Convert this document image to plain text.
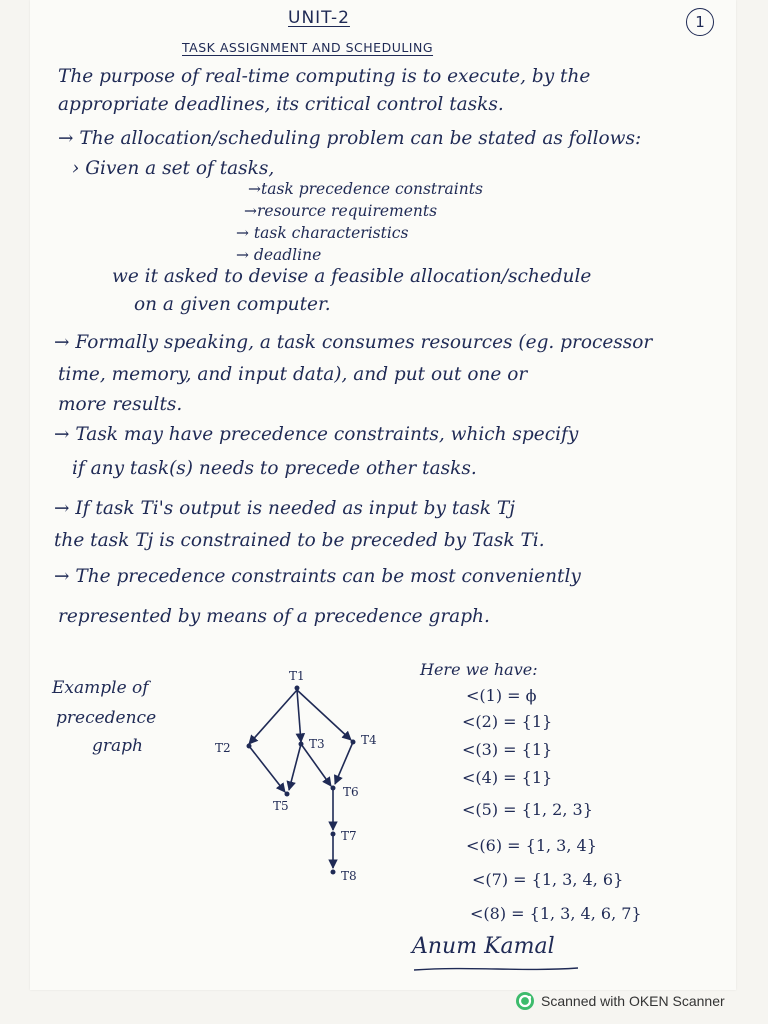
UNIT-2	1
TASK ASSIGNMENT AND SCHEDULING
The purpose of real-time computing is to execute, by the
appropriate deadlines, its critical control tasks.
→ The allocation/scheduling problem can be stated as follows:
› Given a set of tasks,
→task precedence constraints
→resource requirements
→ task characteristics
→ deadline
we it asked to devise a feasible allocation/schedule
on a given computer.
→ Formally speaking, a task consumes resources (eg. processor
time, memory, and input data), and put out one or
more results.
→ Task may have precedence constraints, which specify
if any task(s) needs to precede other tasks.
→ If task Ti's output is needed as input by task Tj
the task Tj is constrained to be preceded by Task Ti.
→ The precedence constraints can be most conveniently
represented by means of a precedence graph.
Example of
precedence
graph
T1
T2	T3	T4
T5
T6
T7
T8
Here we have:
<(1) = ϕ
<(2) = {1}
<(3) = {1}
<(4) = {1}
<(5) = {1, 2, 3}
<(6) = {1, 3, 4}
<(7) = {1, 3, 4, 6}
<(8) = {1, 3, 4, 6, 7}
Anum Kamal
Scanned with OKEN Scanner
